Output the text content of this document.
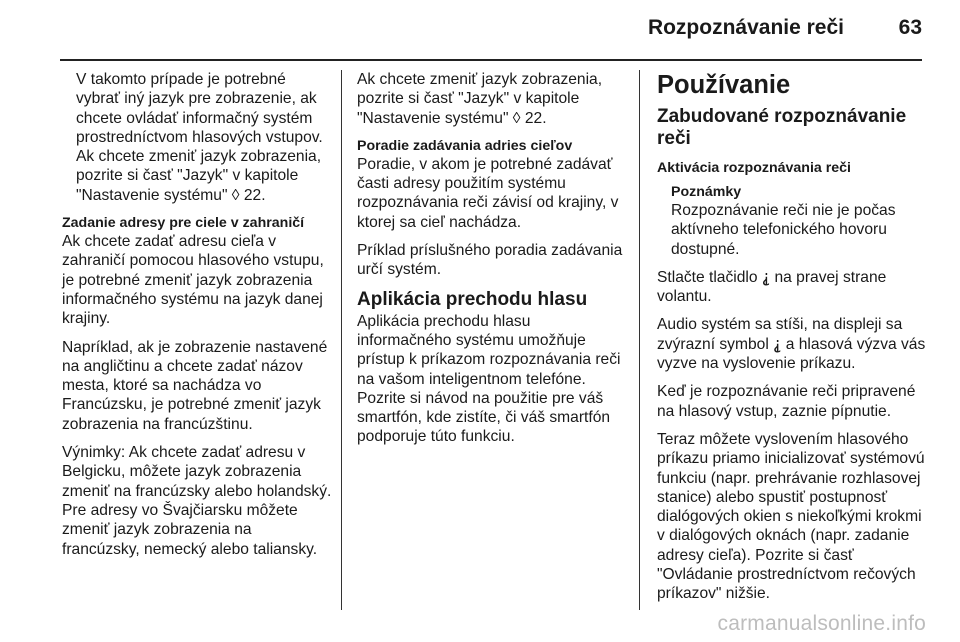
Rozpoznávanie reči	63

V takomto prípade je potrebné vybrať iný jazyk pre zobrazenie, ak chcete ovládať informačný systém prostredníctvom hlasových vstupov. Ak chcete zmeniť jazyk zobrazenia, pozrite si časť "Jazyk" v kapitole "Nastavenie systému" ◊ 22.

Zadanie adresy pre ciele v zahraničí

Ak chcete zadať adresu cieľa v zahraničí pomocou hlasového vstupu, je potrebné zmeniť jazyk zobrazenia informačného systému na jazyk danej krajiny.

Napríklad, ak je zobrazenie nastavené na angličtinu a chcete zadať názov mesta, ktoré sa nachádza vo Francúzsku, je potrebné zmeniť jazyk zobrazenia na francúzštinu.

Výnimky: Ak chcete zadať adresu v Belgicku, môžete jazyk zobrazenia zmeniť na francúzsky alebo holandský. Pre adresy vo Švajčiarsku môžete zmeniť jazyk zobrazenia na francúzsky, nemecký alebo taliansky.

Ak chcete zmeniť jazyk zobrazenia, pozrite si časť "Jazyk" v kapitole "Nastavenie systému" ◊ 22.

Poradie zadávania adries cieľov

Poradie, v akom je potrebné zadávať časti adresy použitím systému rozpoznávania reči závisí od krajiny, v ktorej sa cieľ nachádza.

Príklad príslušného poradia zadávania určí systém.

Aplikácia prechodu hlasu

Aplikácia prechodu hlasu informačného systému umožňuje prístup k príkazom rozpoznávania reči na vašom inteligentnom telefóne. Pozrite si návod na použitie pre váš smartfón, kde zistíte, či váš smartfón podporuje túto funkciu.

Používanie

Zabudované rozpoznávanie reči

Aktivácia rozpoznávania reči

Poznámky
Rozpoznávanie reči nie je počas aktívneho telefonického hovoru dostupné.

Stlačte tlačidlo ⸘ na pravej strane volantu.

Audio systém sa stíši, na displeji sa zvýrazní symbol ⸘ a hlasová výzva vás vyzve na vyslovenie príkazu.

Keď je rozpoznávanie reči pripravené na hlasový vstup, zaznie pípnutie.

Teraz môžete vyslovením hlasového príkazu priamo inicializovať systémovú funkciu (napr. prehrávanie rozhlasovej stanice) alebo spustiť postupnosť dialógových okien s niekoľkými krokmi v dialógových oknách (napr. zadanie adresy cieľa). Pozrite si časť "Ovládanie prostredníctvom rečových príkazov" nižšie.

carmanualsonline.info
